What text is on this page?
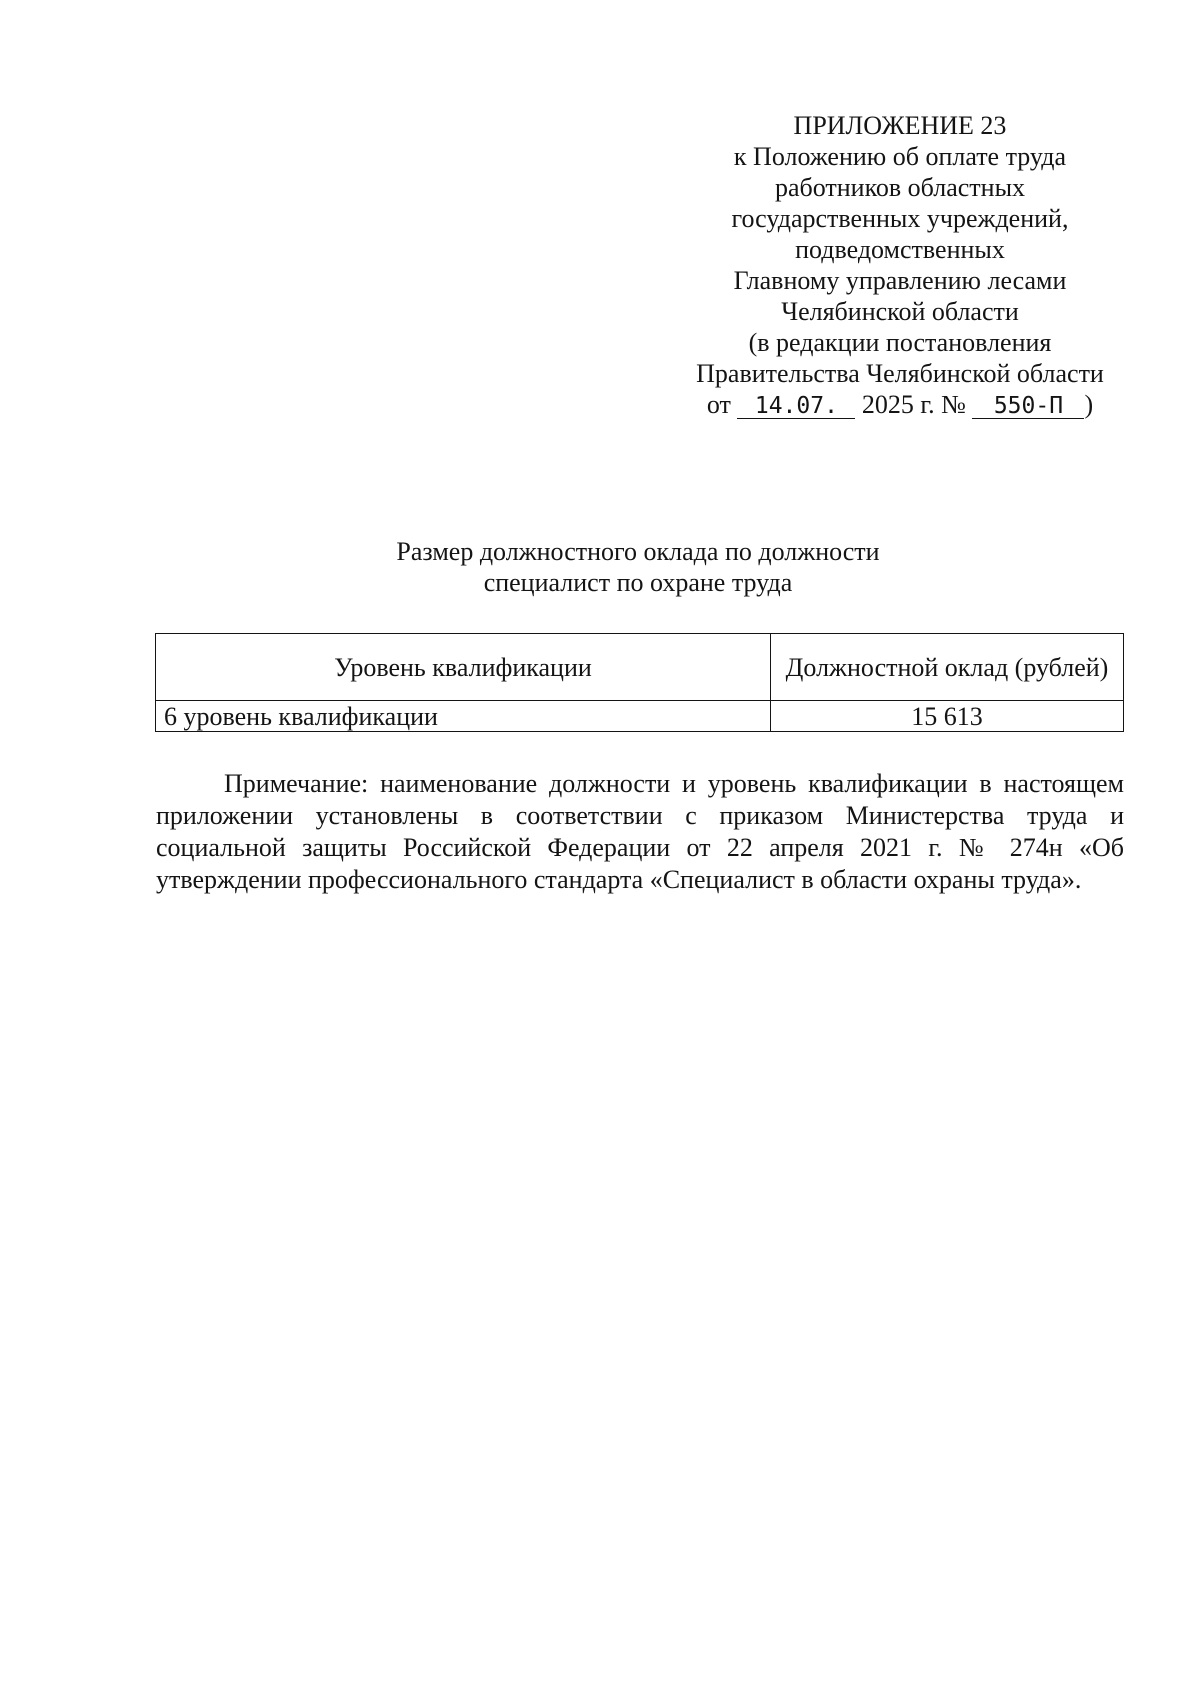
ПРИЛОЖЕНИЕ 23
к Положению об оплате труда
работников областных
государственных учреждений,
подведомственных
Главному управлению лесами
Челябинской области
(в редакции постановления
Правительства Челябинской области
от 14.07. 2025 г. № 550-П )
Размер должностного оклада по должности
специалист по охране труда
Уровень квалификации	Должностной оклад (рублей)
6 уровень квалификации	15 613
Примечание: наименование должности и уровень квалификации в настоящем приложении установлены в соответствии с приказом Министерства труда и социальной защиты Российской Федерации от 22 апреля 2021 г. № 274н «Об утверждении профессионального стандарта «Специалист в области охраны труда».
